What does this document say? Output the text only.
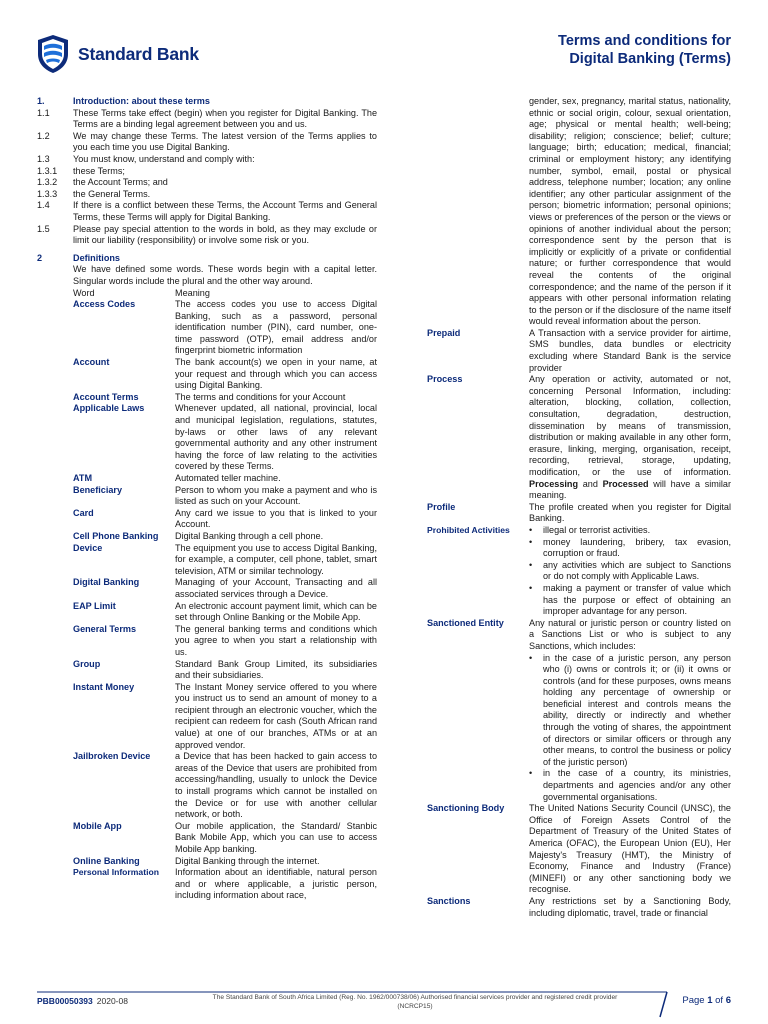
Standard Bank
Terms and conditions for
Digital Banking (Terms)
1.	Introduction: about these terms
1.1	These Terms take effect (begin) when you register for Digital Banking. The Terms are a binding legal agreement between you and us.
1.2	We may change these Terms. The latest version of the Terms applies to you each time you use Digital Banking.
1.3	You must know, understand and comply with:
1.3.1	these Terms;
1.3.2	the Account Terms; and
1.3.3	the General Terms.
1.4	If there is a conflict between these Terms, the Account Terms and General Terms, these Terms will apply for Digital Banking.
1.5	Please pay special attention to the words in bold, as they may exclude or limit our liability (responsibility) or involve some risk or you.
2	Definitions
We have defined some words. These words begin with a capital letter. Singular words include the plural and the other way around.
Word	Meaning
Access Codes	The access codes you use to access Digital Banking, such as a password, personal identification number (PIN), card number, one-time password (OTP), email address and/or fingerprint biometric information
Account	The bank account(s) we open in your name, at your request and through which you can access using Digital Banking.
Account Terms	The terms and conditions for your Account
Applicable Laws	Whenever updated, all national, provincial, local and municipal legislation, regulations, statutes, by-laws or other laws of any relevant governmental authority and any other instrument having the force of law relating to the activities covered by these Terms.
ATM	Automated teller machine.
Beneficiary	Person to whom you make a payment and who is listed as such on your Account.
Card	Any card we issue to you that is linked to your Account.
Cell Phone Banking	Digital Banking through a cell phone.
Device	The equipment you use to access Digital Banking, for example, a computer, cell phone, tablet, smart television, ATM or similar technology.
Digital Banking	Managing of your Account, Transacting and all associated services through a Device.
EAP Limit	An electronic account payment limit, which can be set through Online Banking or the Mobile App.
General Terms	The general banking terms and conditions which you agree to when you start a relationship with us.
Group	Standard Bank Group Limited, its subsidiaries and their subsidiaries.
Instant Money	The Instant Money service offered to you where you instruct us to send an amount of money to a recipient through an electronic voucher, which the recipient can redeem for cash (South African rand value) at one of our branches, ATMs or at an approved vendor.
Jailbroken Device	a Device that has been hacked to gain access to areas of the Device that users are prohibited from accessing/handling, usually to unlock the Device to install programs which cannot be installed on the Device or for use with another cellular network, or both.
Mobile App	Our mobile application, the Standard/ Stanbic Bank Mobile App, which you can use to access Mobile App banking.
Online Banking	Digital Banking through the internet.
Personal Information	Information about an identifiable, natural person and or where applicable, a juristic person, including information about race,
gender, sex, pregnancy, marital status, nationality, ethnic or social origin, colour, sexual orientation, age; physical or mental health; well-being; disability; religion; conscience; belief; culture; language; birth; education; medical, financial; criminal or employment history; any identifying number, symbol, email, postal or physical address, telephone number; location; any online identifier; any other particular assignment of the person; biometric information; personal opinions; views or preferences of the person or the views or opinions of another individual about the person; correspondence sent by the person that is implicitly or explicitly of a private or confidential nature; or further correspondence that would reveal the contents of the original correspondence; and the name of the person if it appears with other personal information relating to the person or if the disclosure of the name itself would reveal information about the person.
Prepaid	A Transaction with a service provider for airtime, SMS bundles, data bundles or electricity excluding where Standard Bank is the service provider
Process	Any operation or activity, automated or not, concerning Personal Information, including: alteration, blocking, collation, collection, consultation, degradation, destruction, dissemination by means of transmission, distribution or making available in any other form, erasure, linking, merging, organisation, receipt, recording, retrieval, storage, updating, modification, or the use of information. Processing and Processed will have a similar meaning.
Profile	The profile created when you register for Digital Banking.
Prohibited Activities	•	illegal or terrorist activities.
•	money laundering, bribery, tax evasion, corruption or fraud.
•	any activities which are subject to Sanctions or do not comply with Applicable Laws.
•	making a payment or transfer of value which has the purpose or effect of obtaining an improper advantage for any person.
Sanctioned Entity	Any natural or juristic person or country listed on a Sanctions List or who is subject to any Sanctions, which includes:
•	in the case of a juristic person, any person who (i) owns or controls it; or (ii) it owns or controls (and for these purposes, owns means holding any percentage of ownership or beneficial interest and controls means the ability, directly or indirectly and whether through the voting of shares, the appointment of directors or similar officers or through any other means, to control the business or policy of the juristic person)
•	in the case of a country, its ministries, departments and agencies and/or any other governmental organisations.
Sanctioning Body	The United Nations Security Council (UNSC), the Office of Foreign Assets Control of the Department of Treasury of the United States of America (OFAC), the European Union (EU), Her Majesty's Treasury (HMT), the Ministry of Economy, Finance and Industry (France) (MINEFI) or any other sanctioning body we recognise.
Sanctions	Any restrictions set by a Sanctioning Body, including diplomatic, travel, trade or financial
PBB00050393 2020-08	The Standard Bank of South Africa Limited (Reg. No. 1962/000738/06) Authorised financial services provider and registered credit provider (NCRCP15)
Page 1 of 6
